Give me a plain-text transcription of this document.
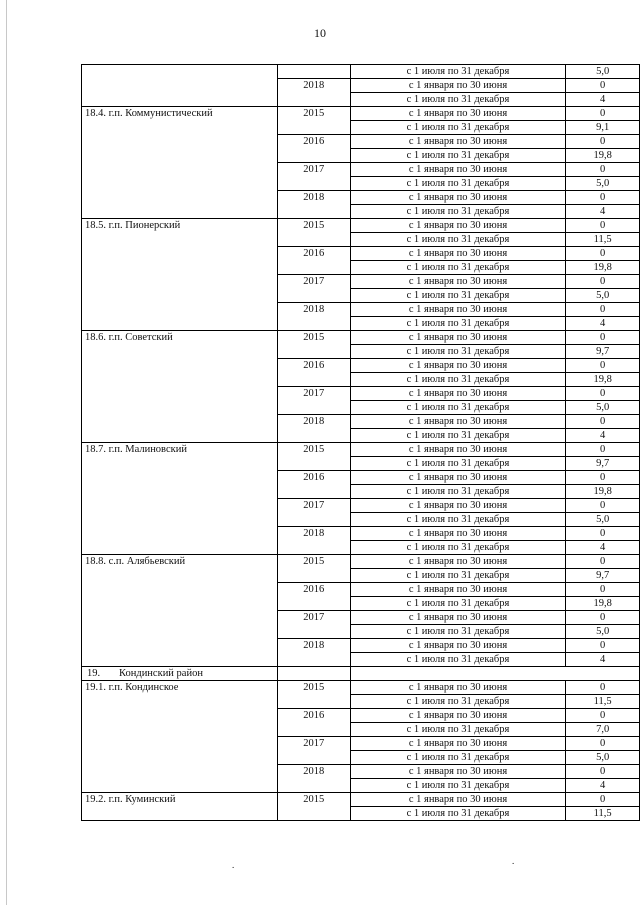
10
		с 1 июля по 31 декабря	5,0
	2018	с 1 января по 30 июня	0
		с 1 июля по 31 декабря	4
18.4. г.п. Коммунистический	2015	с 1 января по 30 июня	0
		с 1 июля по 31 декабря	9,1
	2016	с 1 января по 30 июня	0
		с 1 июля по 31 декабря	19,8
	2017	с 1 января по 30 июня	0
		с 1 июля по 31 декабря	5,0
	2018	с 1 января по 30 июня	0
		с 1 июля по 31 декабря	4
18.5. г.п. Пионерский	2015	с 1 января по 30 июня	0
		с 1 июля по 31 декабря	11,5
	2016	с 1 января по 30 июня	0
		с 1 июля по 31 декабря	19,8
	2017	с 1 января по 30 июня	0
		с 1 июля по 31 декабря	5,0
	2018	с 1 января по 30 июня	0
		с 1 июля по 31 декабря	4
18.6. г.п. Советский	2015	с 1 января по 30 июня	0
		с 1 июля по 31 декабря	9,7
	2016	с 1 января по 30 июня	0
		с 1 июля по 31 декабря	19,8
	2017	с 1 января по 30 июня	0
		с 1 июля по 31 декабря	5,0
	2018	с 1 января по 30 июня	0
		с 1 июля по 31 декабря	4
18.7. г.п. Малиновский	2015	с 1 января по 30 июня	0
		с 1 июля по 31 декабря	9,7
	2016	с 1 января по 30 июня	0
		с 1 июля по 31 декабря	19,8
	2017	с 1 января по 30 июня	0
		с 1 июля по 31 декабря	5,0
	2018	с 1 января по 30 июня	0
		с 1 июля по 31 декабря	4
18.8. с.п. Алябьевский	2015	с 1 января по 30 июня	0
		с 1 июля по 31 декабря	9,7
	2016	с 1 января по 30 июня	0
		с 1 июля по 31 декабря	19,8
	2017	с 1 января по 30 июня	0
		с 1 июля по 31 декабря	5,0
	2018	с 1 января по 30 июня	0
		с 1 июля по 31 декабря	4
19. Кондинский район			
19.1. г.п. Кондинское	2015	с 1 января по 30 июня	0
		с 1 июля по 31 декабря	11,5
	2016	с 1 января по 30 июня	0
		с 1 июля по 31 декабря	7,0
	2017	с 1 января по 30 июня	0
		с 1 июля по 31 декабря	5,0
	2018	с 1 января по 30 июня	0
		с 1 июля по 31 декабря	4
19.2. г.п. Куминский	2015	с 1 января по 30 июня	0
		с 1 июля по 31 декабря	11,5
.	.
